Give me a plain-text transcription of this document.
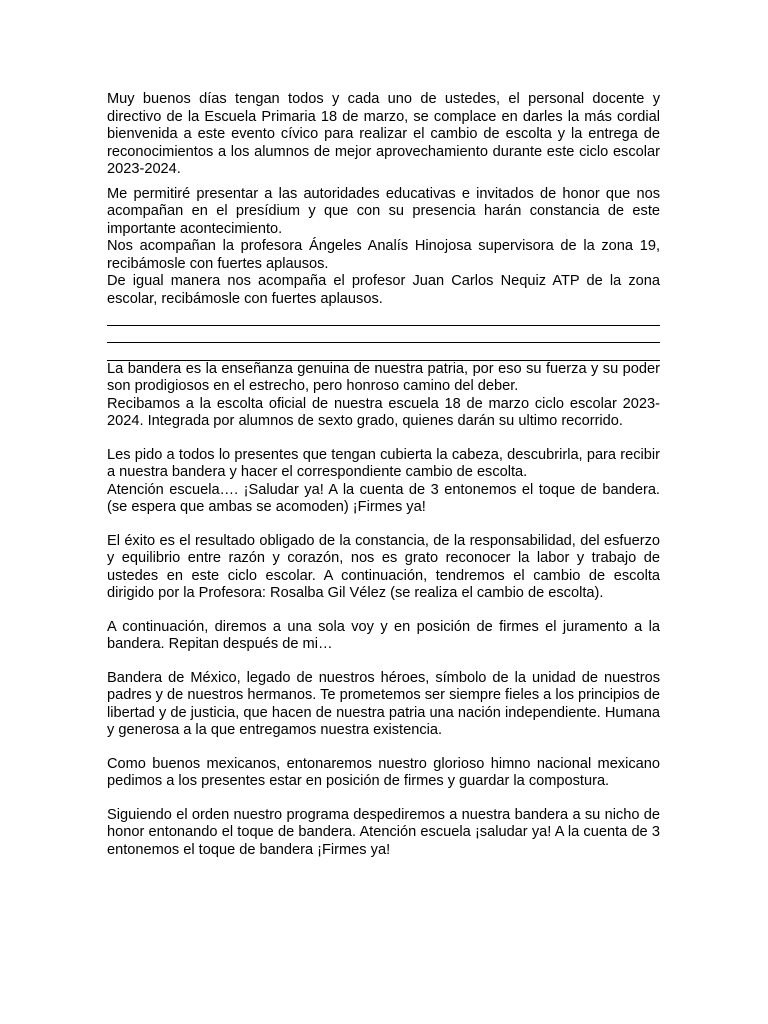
Muy buenos días tengan todos y cada uno de ustedes, el personal docente y directivo de la Escuela Primaria 18 de marzo, se complace en darles la más cordial bienvenida a este evento cívico para realizar el cambio de escolta y la entrega de reconocimientos a los alumnos de mejor aprovechamiento durante este ciclo escolar 2023-2024.

Me permitiré presentar a las autoridades educativas e invitados de honor que nos acompañan en el presídium y que con su presencia harán constancia de este importante acontecimiento.

Nos acompañan la profesora Ángeles Analís Hinojosa supervisora de la zona 19, recibámosle con fuertes aplausos.

De igual manera nos acompaña el profesor Juan Carlos Nequiz ATP de la zona escolar, recibámosle con fuertes aplausos.

La bandera es la enseñanza genuina de nuestra patria, por eso su fuerza y su poder son prodigiosos en el estrecho, pero honroso camino del deber.

Recibamos a la escolta oficial de nuestra escuela 18 de marzo ciclo escolar 2023-2024. Integrada por alumnos de sexto grado, quienes darán su ultimo recorrido.

Les pido a todos lo presentes que tengan cubierta la cabeza, descubrirla, para recibir a nuestra bandera y hacer el correspondiente cambio de escolta.

Atención escuela…. ¡Saludar ya! A la cuenta de 3 entonemos el toque de bandera. (se espera que ambas se acomoden) ¡Firmes ya!

El éxito es el resultado obligado de la constancia, de la responsabilidad, del esfuerzo y equilibrio entre razón y corazón, nos es grato reconocer la labor y trabajo de ustedes en este ciclo escolar. A continuación, tendremos el cambio de escolta dirigido por la Profesora: Rosalba Gil Vélez (se realiza el cambio de escolta).

A continuación, diremos a una sola voy y en posición de firmes el juramento a la bandera. Repitan después de mi…

Bandera de México, legado de nuestros héroes, símbolo de la unidad de nuestros padres y de nuestros hermanos. Te prometemos ser siempre fieles a los principios de libertad y de justicia, que hacen de nuestra patria una nación independiente. Humana y generosa a la que entregamos nuestra existencia.

Como buenos mexicanos, entonaremos nuestro glorioso himno nacional mexicano pedimos a los presentes estar en posición de firmes y guardar la compostura.

Siguiendo el orden nuestro programa despediremos a nuestra bandera a su nicho de honor entonando el toque de bandera. Atención escuela ¡saludar ya! A la cuenta de 3 entonemos el toque de bandera ¡Firmes ya!
